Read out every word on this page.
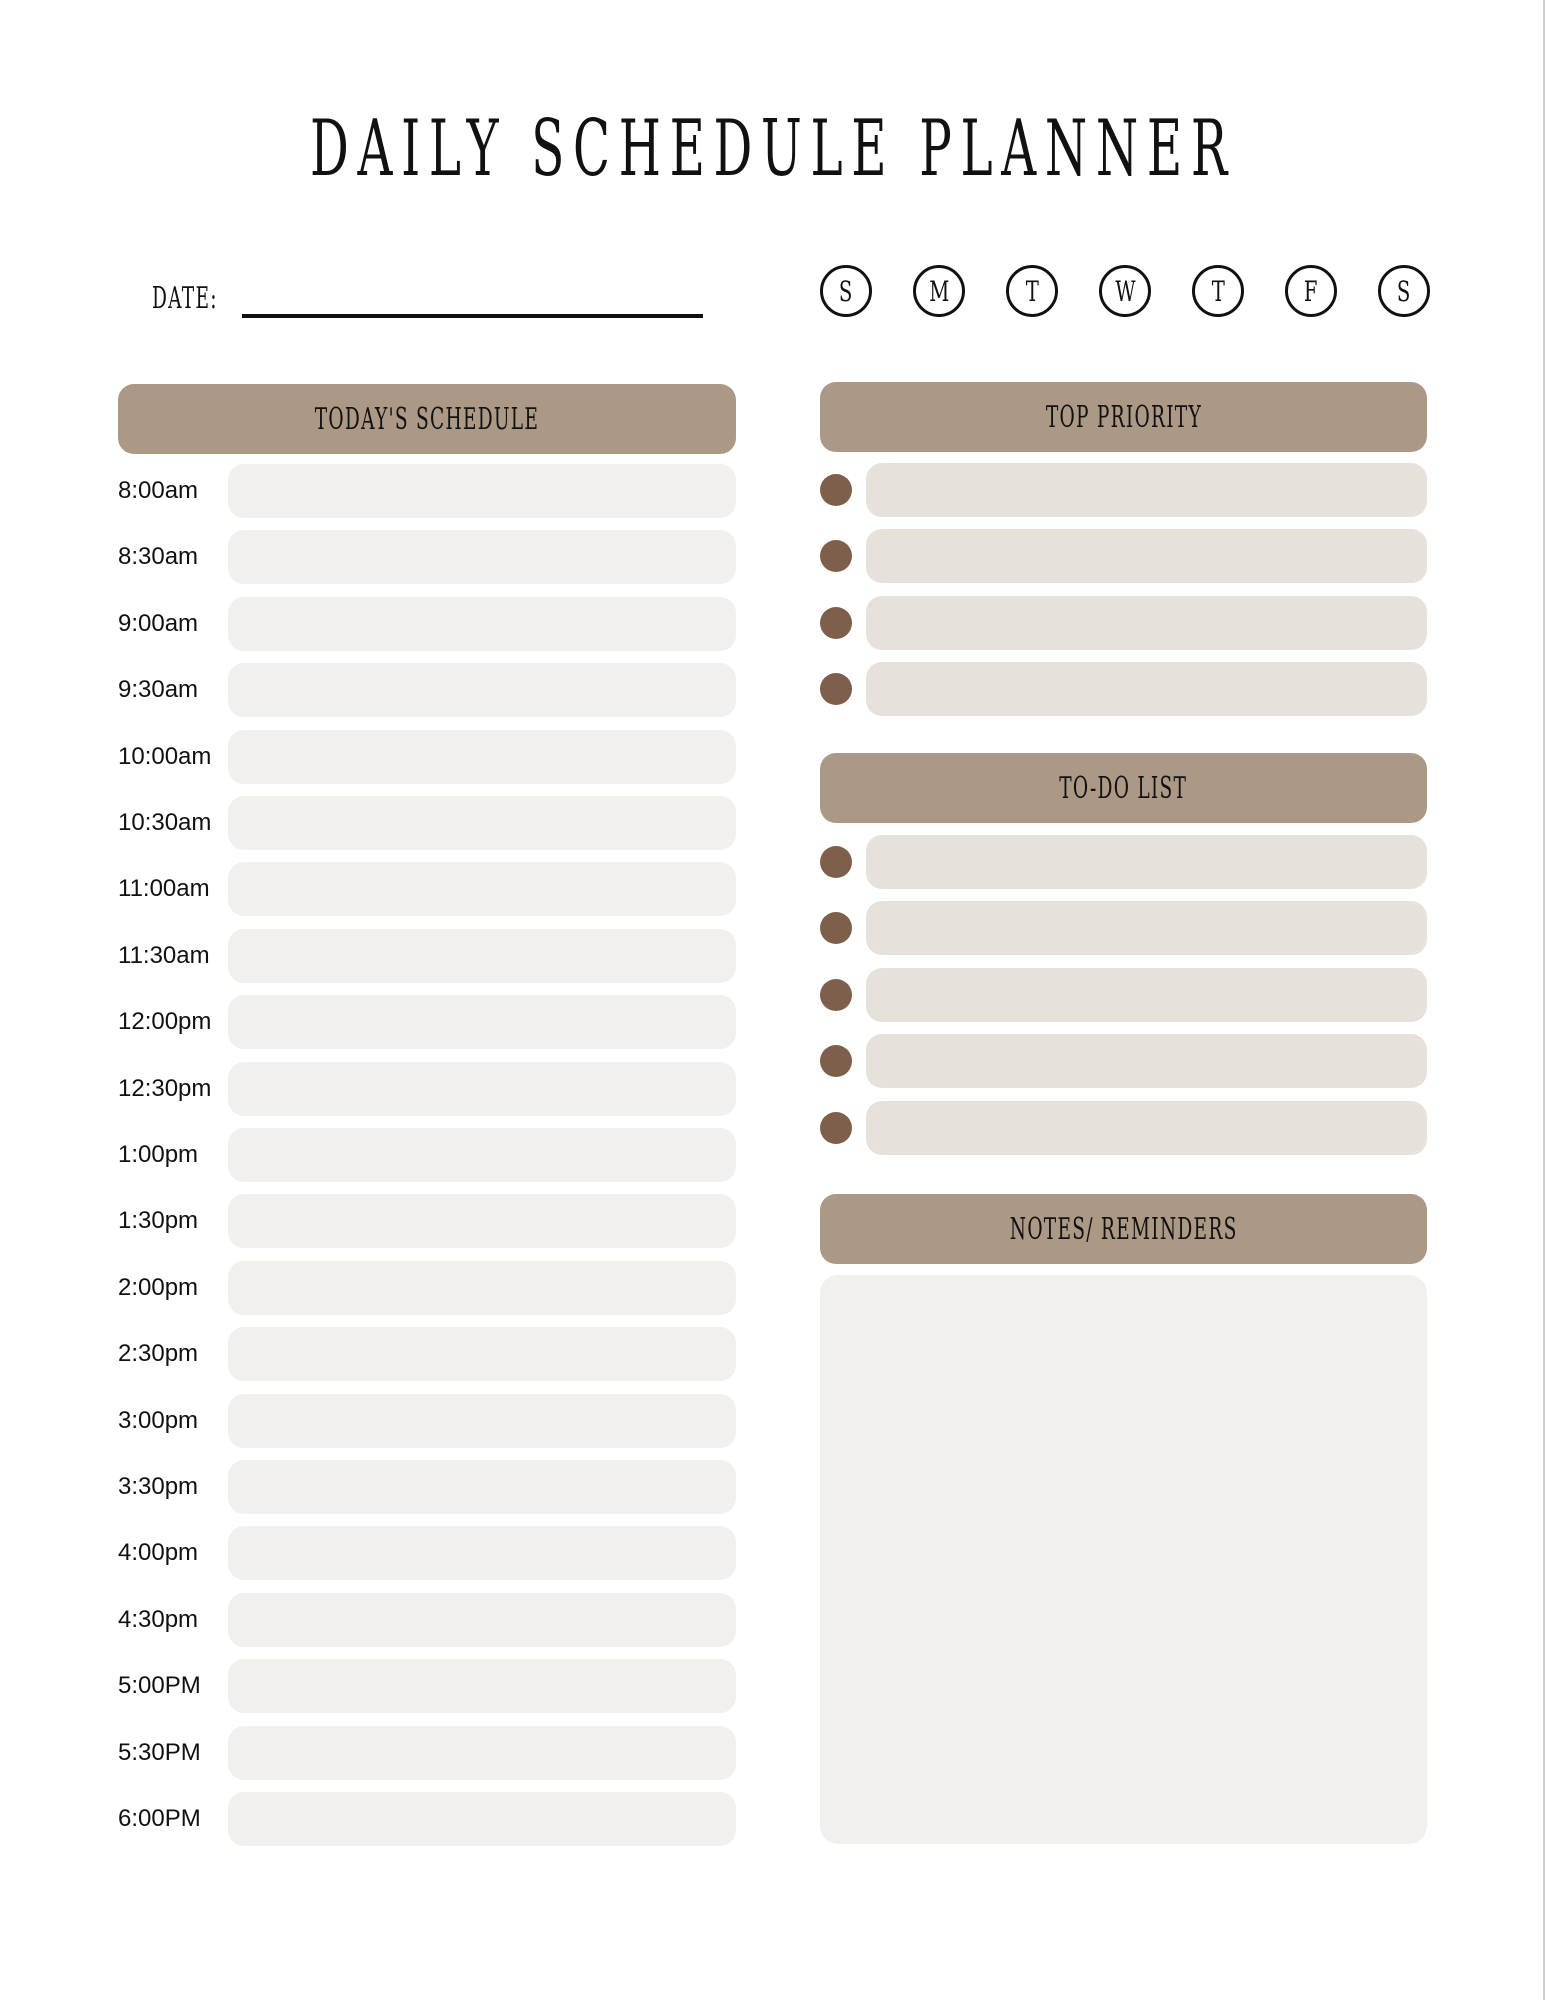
DAILY SCHEDULE PLANNER
DATE:	S	M	T	W	T	F	S
TODAY'S SCHEDULE
8:00am
8:30am
9:00am
9:30am
10:00am
10:30am
11:00am
11:30am
12:00pm
12:30pm
1:00pm
1:30pm
2:00pm
2:30pm
3:00pm
3:30pm
4:00pm
4:30pm
5:00PM
5:30PM
6:00PM
TOP PRIORITY
TO-DO LIST
NOTES/ REMINDERS
